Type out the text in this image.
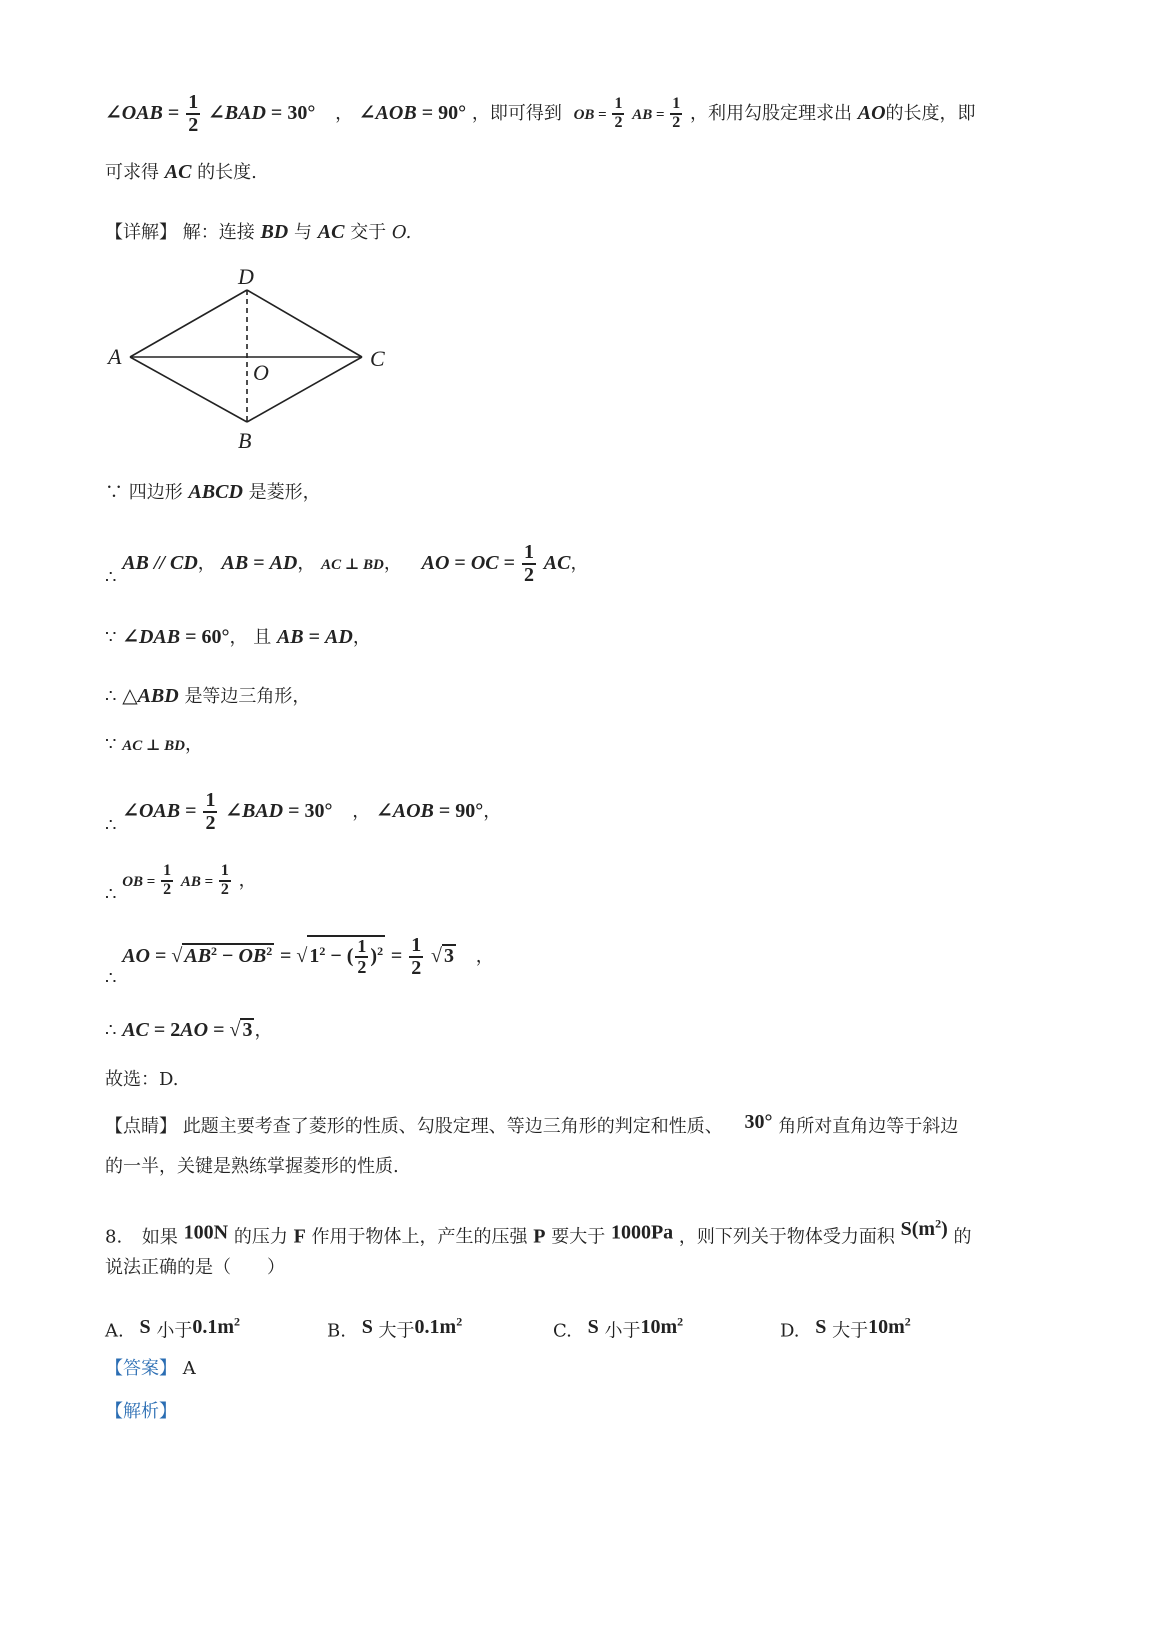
∠OAB = $\frac{1}{2}$ ∠BAD = 30° ， ∠AOB = 90° ，即可得到 OB = $\frac{1}{2}$ AB = $\frac{1}{2}$ ，利用勾股定理求出 AO的长度，即
可求得 AC 的长度.
【详解】 解：连接 BD 与 AC 交于 O.
A
D
C
B
O
∵ 四边形 ABCD 是菱形，
∴ AB // CD， AB = AD， AC ⊥ BD， AO = OC = $\frac{1}{2}$ AC，
∵ ∠DAB = 60°， 且 AB = AD，
∴ △ABD 是等边三角形，
∵ AC ⊥ BD，
∴ ∠OAB = $\frac{1}{2}$ ∠BAD = 30° ， ∠AOB = 90°，
∴ OB = $\frac{1}{2}$ AB = $\frac{1}{2}$ ，
∴ AO = √ $AB^2 - OB^2$ = √ $1^2$ − ( $\frac{1}{2} )^2 = \frac{1}{2}$ √ 3 ，
∴ AC = 2AO = √ 3 ，
故选：D.
【点睛】 此题主要考查了菱形的性质、勾股定理、等边三角形的判定和性质、 30° 角所对直角边等于斜边
的一半，关键是熟练掌握菱形的性质.
8. 如果 100N 的压力 F 作用于物体上，产生的压强 P 要大于 1000Pa ，则下列关于物体受力面积 $S(m^2)$ 的
说法正确的是（　　）
A. S 小于$0.1m^2$	B. S 大于$0.1m^2$	C. S 小于$10m^2$	D. S 大于$10m^2$
【答案】 A
【解析】
